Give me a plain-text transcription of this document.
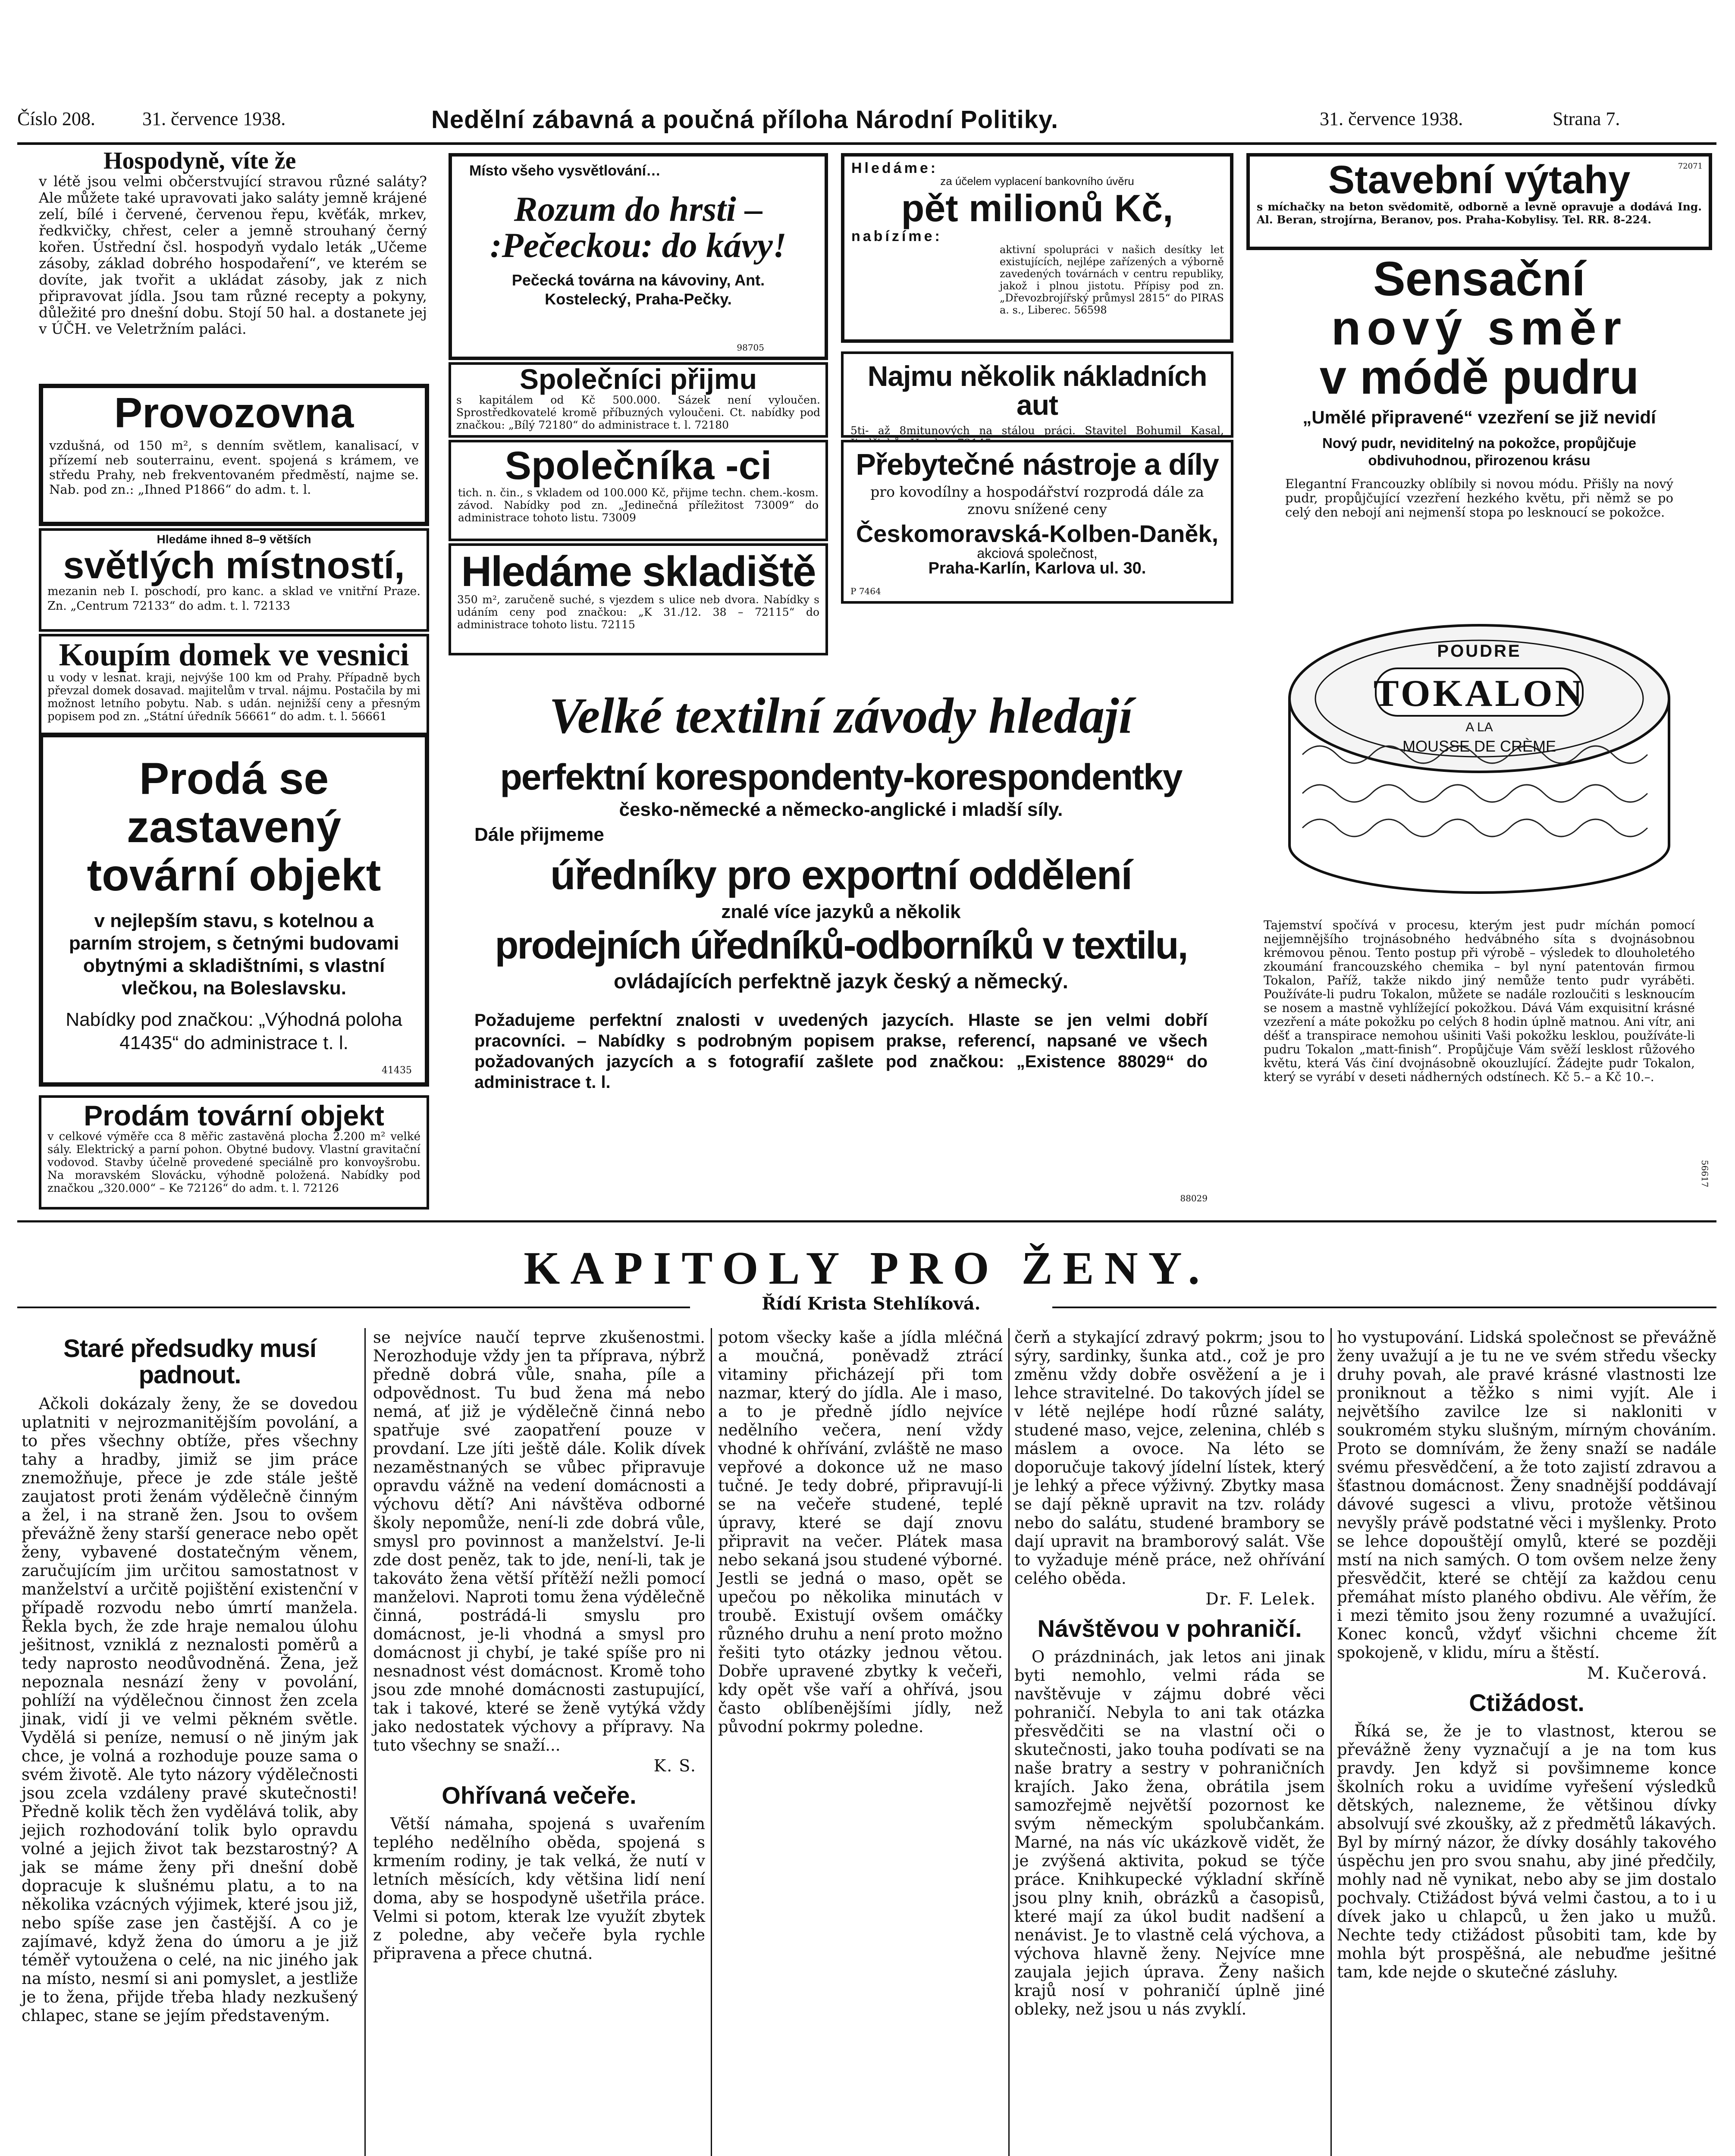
Číslo 208. 31. července 1938.	Nedělní zábavná a poučná příloha Národní Politiky.	31. července 1938.	Strana 7.
Hospodyně, víte že

v létě jsou velmi občerstvující stravou různé saláty? Ale můžete také upravovati jako saláty jemně krájené zelí, bílé i červené, červenou řepu, kvěťák, mrkev, ředkvičky, chřest, celer a jemně strouhaný černý kořen. Ústřední čsl. hospodyň vydalo leták „Učeme zásoby, základ dobrého hospodaření“, ve kterém se dovíte, jak tvořit a ukládat zásoby, jak z nich připravovat jídla. Jsou tam různé recepty a pokyny, důležité pro dnešní dobu. Stojí 50 hal. a dostanete jej v ÚČH. ve Veletržním paláci.

Provozovna

vzdušná, od 150 m², s denním světlem, kanalisací, v přízemí neb souterrainu, event. spojená s krámem, ve středu Prahy, neb frekventovaném předměstí, najme se. Nab. pod zn.: „Ihned P1866“ do adm. t. l.

Hledáme ihned 8–9 větších
světlých místností,

mezanin neb I. poschodí, pro kanc. a sklad ve vnitřní Praze. Zn. „Centrum 72133“ do adm. t. l. 72133

Koupím domek ve vesnici

u vody v lesnat. kraji, nejvýše 100 km od Prahy. Případně bych převzal domek dosavad. majitelům v trval. nájmu. Postačila by mi možnost letního pobytu. Nab. s udán. nejnižší ceny a přesným popisem pod zn. „Státní úředník 56661“ do adm. t. l. 56661

Prodá se zastavený tovární objekt

v nejlepším stavu, s kotelnou a parním strojem, s četnými budovami obytnými a skladištními, s vlastní vlečkou, na Boleslavsku.

Nabídky pod značkou: „Výhodná poloha 41435“ do administrace t. l.

41435
Prodám tovární objekt

v celkové výměře cca 8 měřic zastavěná plocha 2.200 m² velké sály. Elektrický a parní pohon. Obytné budovy. Vlastní gravitační vodovod. Stavby účelně provedené speciálně pro konvoyšrobu. Na moravském Slovácku, výhodně položená. Nabídky pod značkou „320.000“ – Ke 72126“ do adm. t. l. 72126

Místo všeho vysvětlování…
Rozum do hrsti –
:Pečeckou: do kávy!

Pečecká továrna na kávoviny, Ant. Kostelecký, Praha-Pečky.

98705
Společníci přijmu

s kapitálem od Kč 500.000. Sázek není vyloučen. Sprostředkovatelé kromě příbuzných vyloučeni. Ct. nabídky pod značkou: „Bílý 72180“ do administrace t. l. 72180

Společníka -ci

tich. n. čin., s vkladem od 100.000 Kč, přijme techn. chem.-kosm. závod. Nabídky pod zn. „Jedinečná příležitost 73009“ do administrace tohoto listu. 73009

Hledáme skladiště

350 m², zaručeně suché, s vjezdem s ulice neb dvora. Nabídky s udáním ceny pod značkou: „K 31./12. 38 – 72115“ do administrace tohoto listu. 72115

Hledáme:
za účelem vyplacení bankovního úvěru
pět milionů Kč,
nabízíme:

aktivní spolupráci v našich desítky let existujících, nejlépe zařízených a výborně zavedených továrnách v centru republiky, jakož i plnou jistotu. Přípisy pod zn. „Dřevozbrojířský průmysl 2815“ do PIRAS a. s., Liberec. 56598

Najmu několik nákladních aut

5ti- až 8mitunových na stálou práci. Stavitel Bohumil Kasal,

Přebytečné nástroje a díly

pro kovodílny a hospodářství rozprodá dále za znovu snížené ceny

Českomoravská-Kolben-Daněk,
akciová společnost,
Praha-Karlín, Karlova ul. 30.
P 7464
Stavební výtahy	72071

s míchačky na beton svědomitě, odborně a levně opravuje a dodává Ing. Al. Beran, strojírna, Beranov, pos. Praha-Kobylisy. Tel. RR. 8-224.

Sensační
nový směr
v módě pudru
„Umělé připravené“ vzezření se již nevidí
Nový pudr, neviditelný na pokožce, propůjčuje obdivuhodnou, přirozenou krásu

Elegantní Francouzky oblíbily si novou módu. Přišly na nový pudr, propůjčující vzezření hezkého květu, při němž se po celý den nebojí ani nejmenší stopa po lesknoucí se pokožce.

POUDRE
TOKALON
A LA
MOUSSE DE CRÈME

Tajemství spočívá v procesu, kterým jest pudr míchán pomocí nejjemnějšího trojnásobného hedvábného síta s dvojnásobnou krémovou pěnou. Tento postup při výrobě – výsledek to dlouholetého zkoumání francouzského chemika – byl nyní patentován firmou Tokalon, Paříž, takže nikdo jiný nemůže tento pudr vyráběti. Používáte-li pudru Tokalon, můžete se nadále rozloučiti s lesknoucím se nosem a mastně vyhlížející pokožkou. Dává Vám exquisitní krásné vzezření a máte pokožku po celých 8 hodin úplně matnou. Ani vítr, ani déšť a transpirace nemohou ušiniti Vaši pokožku lesklou, používáte-li pudru Tokalon „matt-finish“. Propůjčuje Vám svěží lesklost růžového květu, která Vás činí dvojnásobně okouzlující. Žádejte pudr Tokalon, který se vyrábí v deseti nádherných odstínech. Kč 5.– a Kč 10.–.

56617
Velké textilní závody hledají
perfektní korespondenty-korespondentky
česko-německé a německo-anglické i mladší síly.
Dále přijmeme
úředníky pro exportní oddělení
znalé více jazyků a několik
prodejních úředníků-odborníků v textilu,
ovládajících perfektně jazyk český a německý.

Požadujeme perfektní znalosti v uvedených jazycích. Hlaste se jen velmi dobří pracovníci. – Nabídky s podrobným popisem prakse, referencí, napsané ve všech požadovaných jazycích a s fotografií zašlete pod značkou: „Existence 88029“ do administrace t. l.

88029
KAPITOLY PRO ŽENY.
Řídí Krista Stehlíková.
Staré předsudky musí padnout.

Ačkoli dokázaly ženy, že se dovedou uplatniti v nejrozmanitějším povolání, a to přes všechny obtíže, přes všechny tahy a hradby, jimiž se jim práce znemožňuje, přece je zde stále ještě zaujatost proti ženám výdělečně činným a žel, i na straně žen. Jsou to ovšem převážně ženy starší generace nebo opět ženy, vybavené dostatečným věnem, zaručujícím jim určitou samostatnost v manželství a určitě pojištění existenční v případě rozvodu nebo úmrtí manžela. Řekla bych, že zde hraje nemalou úlohu ješitnost, vzniklá z neznalosti poměrů a tedy naprosto neodůvodněná. Žena, jež nepoznala nesnází ženy v povolání, pohlíží na výdělečnou činnost žen zcela jinak, vidí ji ve velmi pěkném světle. Vydělá si peníze, nemusí o ně jiným jak chce, je volná a rozhoduje pouze sama o svém životě. Ale tyto názory výdělečnosti jsou zcela vzdáleny pravé skutečnosti! Předně kolik těch žen vydělává tolik, aby jejich rozhodování tolik bylo opravdu volné a jejich život tak bezstarostný? A jak se máme ženy při dnešní době dopracuje k slušnému platu, a to na několika vzácných výjimek, které jsou již, nebo spíše zase jen častější. A co je zajímavé, když žena do úmoru a je již téměř vytoužena o celé, na nic jiného jak na místo, nesmí si ani pomyslet, a jestliže je to žena, přijde třeba hlady nezkušený chlapec, stane se jejím představeným.

se nejvíce naučí teprve zkušenostmi. Nerozhoduje vždy jen ta příprava, nýbrž předně dobrá vůle, snaha, píle a odpovědnost. Tu bud žena má nebo nemá, ať již je výdělečně činná nebo spatřuje své zaopatření pouze v provdaní. Lze jíti ještě dále. Kolik dívek nezaměstnaných se vůbec připravuje opravdu vážně na vedení domácnosti a výchovu dětí? Ani návštěva odborné školy nepomůže, není-li zde dobrá vůle, smysl pro povinnost a manželství. Je-li zde dost peněz, tak to jde, není-li, tak je takováto žena větší přítěží nežli pomocí manželovi. Naproti tomu žena výdělečně činná, postrádá-li smyslu pro domácnost, je-li vhodná a smysl pro domácnost ji chybí, je také spíše pro ni nesnadnost vést domácnost. Kromě toho jsou zde mnohé domácnosti zastupující, tak i takové, které se ženě vytýká vždy jako nedostatek výchovy a přípravy. Na tuto všechny se snaží...

K. S.
Ohřívaná večeře.

Větší námaha, spojená s uvařením teplého nedělního oběda, spojená s krmením rodiny, je tak velká, že nutí v letních měsících, kdy většina lidí není doma, aby se hospodyně ušetřila práce. Velmi si potom, kterak lze využít zbytek z poledne, aby večeře byla rychle připravena a přece chutná.

potom všecky kaše a jídla mléčná a moučná, poněvadž ztrácí vitaminy přicházejí při tom nazmar, který do jídla. Ale i maso, a to je předně jídlo nejvíce nedělního večera, není vždy vhodné k ohřívání, zvláště ne maso vepřové a dokonce už ne maso tučné. Je tedy dobré, připravují-li se na večeře studené, teplé úpravy, které se dají znovu připravit na večer. Plátek masa nebo sekaná jsou studené výborné. Jestli se jedná o maso, opět se upečou po několika minutách v troubě. Existují ovšem omáčky různého druhu a není proto možno řešiti tyto otázky jednou větou. Dobře upravené zbytky k večeři, kdy opět vše vaří a ohřívá, jsou často oblíbenějšími jídly, než původní pokrmy poledne.

čerň a stykající zdravý pokrm; jsou to sýry, sardinky, šunka atd., což je pro změnu vždy dobře osvěžení a je i lehce stravitelné. Do takových jídel se v létě nejlépe hodí různé saláty, studené maso, vejce, zelenina, chléb s máslem a ovoce. Na léto se doporučuje takový jídelní lístek, který je lehký a přece výživný. Zbytky masa se dají pěkně upravit na tzv. rolády nebo do salátu, studené brambory se dají upravit na bramborový salát. Vše to vyžaduje méně práce, než ohřívání celého oběda.

Dr. F. Lelek.
Návštěvou v pohraničí.

O prázdninách, jak letos ani jinak byti nemohlo, velmi ráda se navštěvuje v zájmu dobré věci pohraničí. Nebyla to ani tak otázka přesvědčiti se na vlastní oči o skutečnosti, jako touha podívati se na naše bratry a sestry v pohraničních krajích. Jako žena, obrátila jsem samozřejmě největší pozornost ke svým německým spolubčankám. Marné, na nás víc ukázkově vidět, že je zvýšená aktivita, pokud se týče práce. Knihkupecké výkladní skříně jsou plny knih, obrázků a časopisů, které mají za úkol budit nadšení a nenávist. Je to vlastně celá výchova, a výchova hlavně ženy. Nejvíce mne zaujala jejich úprava. Ženy našich krajů nosí v pohraničí úplně jiné obleky, než jsou u nás zvyklí.

ho vystupování. Lidská společnost se převážně ženy uvažují a je tu ne ve svém středu všecky druhy povah, ale pravé krásné vlastnosti lze proniknout a těžko s nimi vyjít. Ale i největšího zavilce lze si nakloniti v soukromém styku slušným, mírným chováním. Proto se domnívám, že ženy snaží se nadále svému přesvědčení, a že toto zajistí zdravou a šťastnou domácnost. Ženy snadnější poddávají dávové sugesci a vlivu, protože většinou nevyšly právě podstatné věci i myšlenky. Proto se lehce dopouštějí omylů, které se později mstí na nich samých. O tom ovšem nelze ženy přesvědčit, které se chtějí za každou cenu přemáhat místo planého obdivu. Ale věřím, že i mezi těmito jsou ženy rozumné a uvažující. Konec konců, vždyť všichni chceme žít spokojeně, v klidu, míru a štěstí.

M. Kučerová.
Ctižádost.

Říká se, že je to vlastnost, kterou se převážně ženy vyznačují a je na tom kus pravdy. Jen když si povšimneme konce školních roku a uvidíme vyřešení výsledků dětských, nalezneme, že většinou dívky absolvují své zkoušky, až z předmětů lákavých. Byl by mírný názor, že dívky dosáhly takového úspěchu jen pro svou snahu, aby jiné předčily, mohly nad ně vynikat, nebo aby se jim dostalo pochvaly. Ctižádost bývá velmi častou, a to i u dívek jako u chlapců, u žen jako u mužů. Nechte tedy ctižádost působiti tam, kde by mohla být prospěšná, ale nebuďme ješitné tam, kde nejde o skutečné zásluhy.
